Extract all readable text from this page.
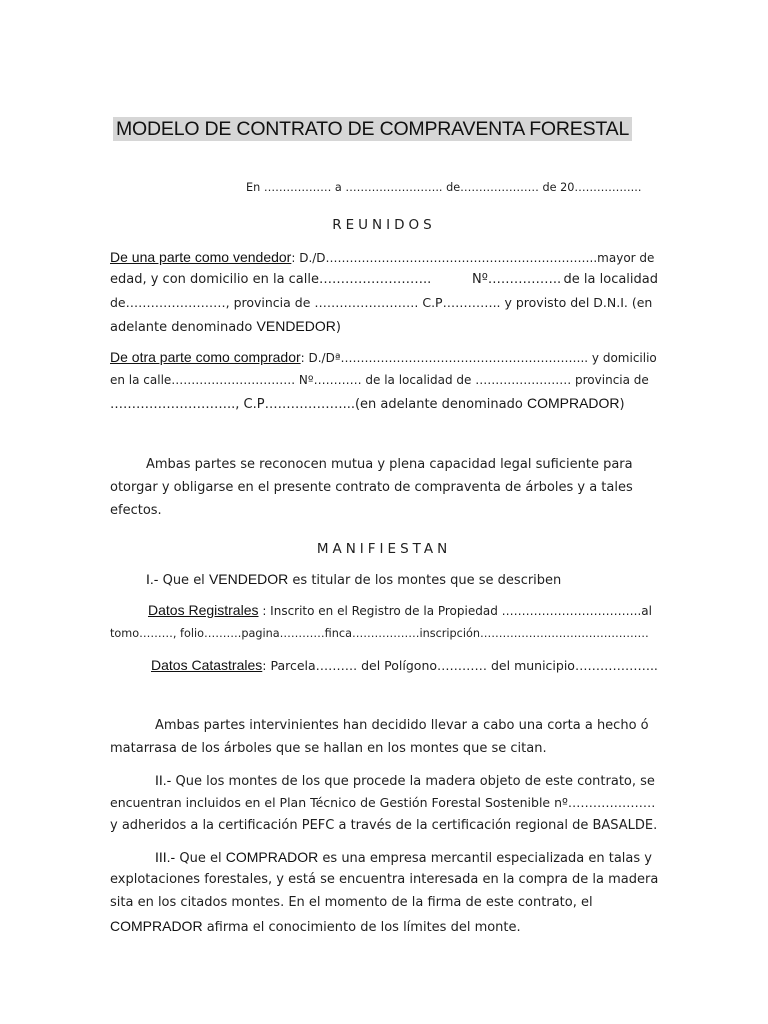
MODELO DE CONTRATO DE COMPRAVENTA FORESTAL
En ……………… a …………………….. de………………… de 20……………...
REUNIDOS
De una parte como vendedor: D./D…………………………………………………………..mayor de
edad, y con domicilio en la calle……………………..	Nº…………….. de la localidad
de……………………, provincia de ……………………. C.P………….. y provisto del D.N.I. (en
adelante denominado VENDEDOR)
De otra parte como comprador: D./Dª…………………………………………………….. y domicilio
en la calle…………………………. Nº………… de la localidad de …………………… provincia de
……………………….., C.P………………...(en adelante denominado COMPRADOR)
Ambas partes se reconocen mutua y plena capacidad legal suficiente para
otorgar y obligarse en el presente contrato de compraventa de árboles y a tales
efectos.
MANIFIESTAN
I.- Que el VENDEDOR es titular de los montes que se describen
Datos Registrales : Inscrito en el Registro de la Propiedad ……………………………..al
tomo………, folio……….pagina…………finca………………inscripción………………………………………
Datos Catastrales: Parcela………. del Polígono………… del municipio………………..
Ambas partes intervinientes han decidido llevar a cabo una corta a hecho ó
matarrasa de los árboles que se hallan en los montes que se citan.
II.- Que los montes de los que procede la madera objeto de este contrato, se
encuentran incluidos en el Plan Técnico de Gestión Forestal Sostenible nº…………………
y adheridos a la certificación PEFC a través de la certificación regional de BASALDE.
III.- Que el COMPRADOR es una empresa mercantil especializada en talas y
explotaciones forestales, y está se encuentra interesada en la compra de la madera
sita en los citados montes. En el momento de la firma de este contrato, el
COMPRADOR afirma el conocimiento de los límites del monte.
